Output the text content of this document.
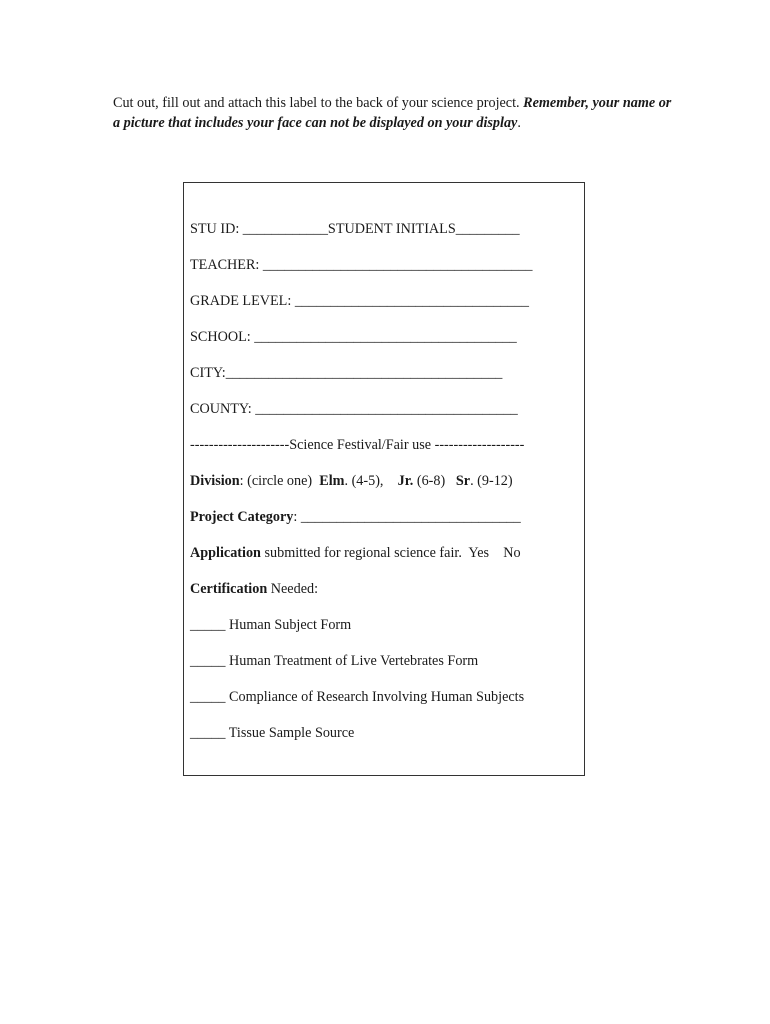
Cut out, fill out and attach this label to the back of your science project. Remember, your name or a picture that includes your face can not be displayed on your display.
STU ID: ____________STUDENT INITIALS_________
TEACHER: ______________________________________
GRADE LEVEL: _________________________________
SCHOOL: _____________________________________
CITY:_______________________________________
COUNTY: _____________________________________
---------------------Science Festival/Fair use -------------------
Division: (circle one)  Elm. (4-5),    Jr. (6-8)   Sr. (9-12)
Project Category: _______________________________
Application submitted for regional science fair.  Yes    No
Certification Needed:
_____ Human Subject Form
_____ Human Treatment of Live Vertebrates Form
_____ Compliance of Research Involving Human Subjects
_____ Tissue Sample Source
